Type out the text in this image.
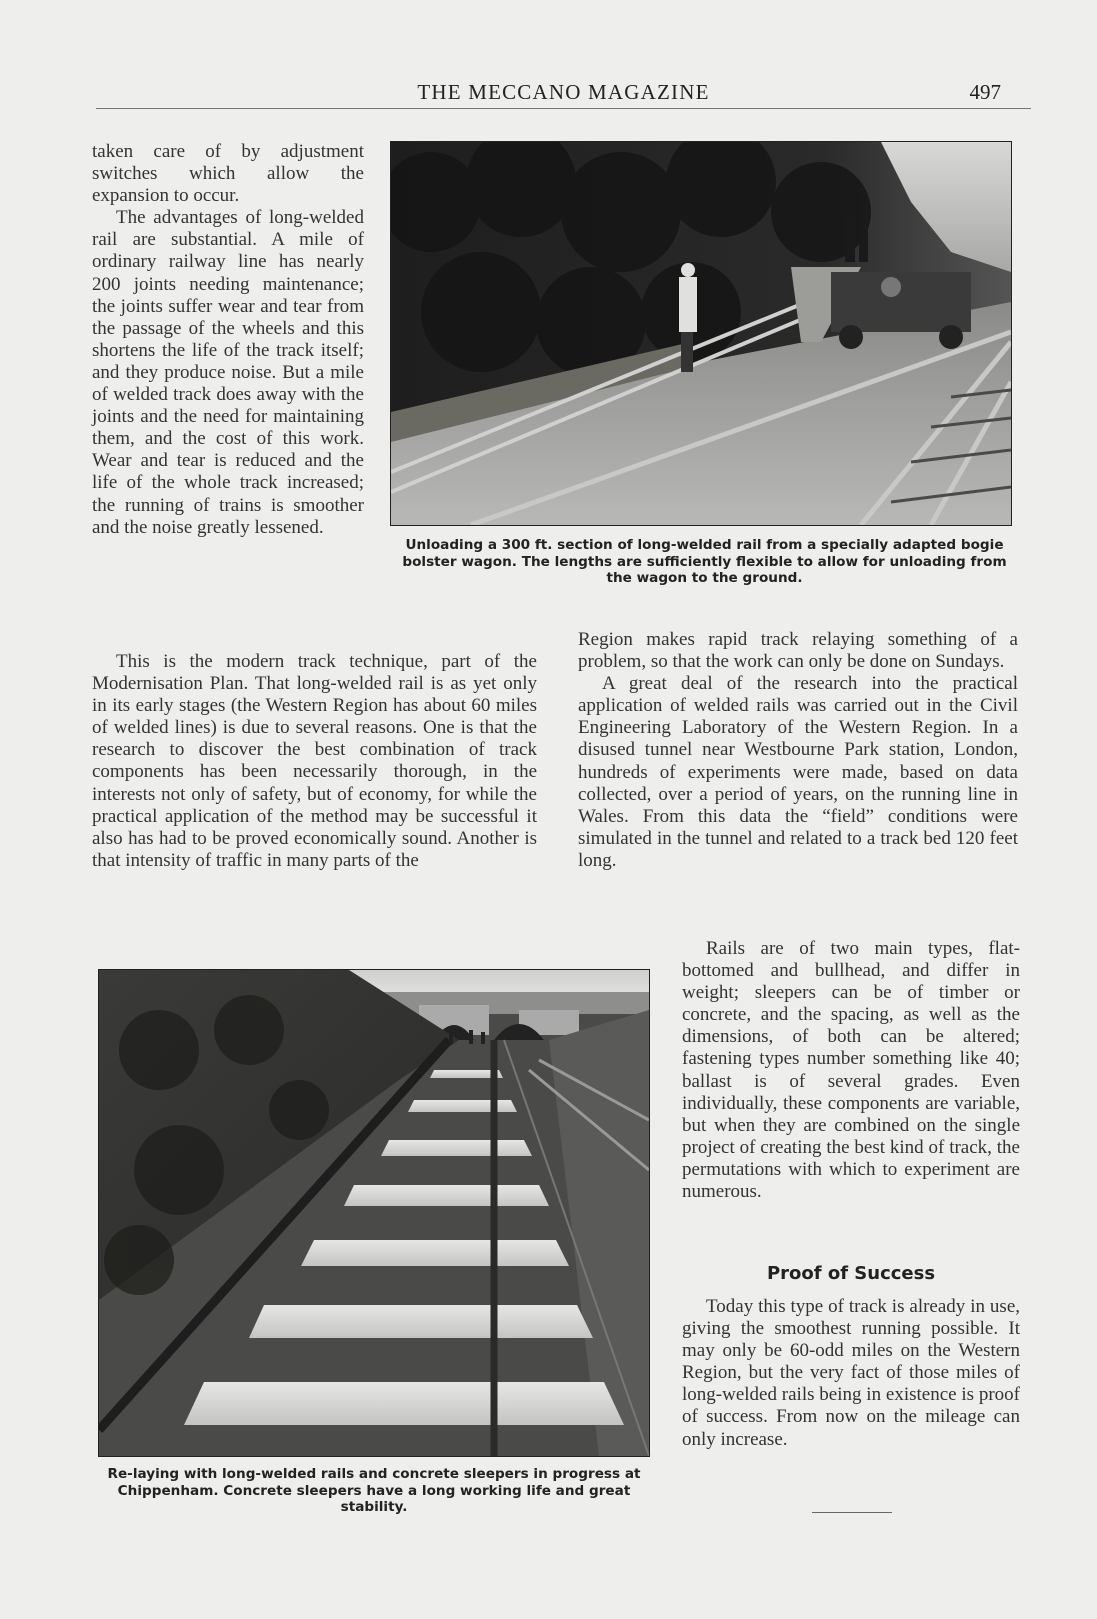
THE MECCANO MAGAZINE	497

taken care of by adjustment switches which allow the expansion to occur.

The advantages of long-welded rail are substantial. A mile of ordinary railway line has nearly 200 joints needing maintenance; the joints suffer wear and tear from the passage of the wheels and this shortens the life of the track itself; and they produce noise. But a mile of welded track does away with the joints and the need for maintaining them, and the cost of this work. Wear and tear is reduced and the life of the whole track increased; the running of trains is smoother and the noise greatly lessened.

Unloading a 300 ft. section of long-welded rail from a specially adapted bogie bolster wagon. The lengths are sufficiently flexible to allow for unloading from the wagon to the ground.

This is the modern track technique, part of the Modernisation Plan. That long-welded rail is as yet only in its early stages (the Western Region has about 60 miles of welded lines) is due to several reasons. One is that the research to discover the best combination of track components has been necessarily thorough, in the interests not only of safety, but of economy, for while the practical application of the method may be successful it also has had to be proved economically sound. Another is that intensity of traffic in many parts of the

Region makes rapid track relaying something of a problem, so that the work can only be done on Sundays.

A great deal of the research into the practical application of welded rails was carried out in the Civil Engineering Laboratory of the Western Region. In a disused tunnel near Westbourne Park station, London, hundreds of experiments were made, based on data collected, over a period of years, on the running line in Wales. From this data the “field” conditions were simulated in the tunnel and related to a track bed 120 feet long.

Re-laying with long-welded rails and concrete sleepers in progress at Chippenham. Concrete sleepers have a long working life and great stability.

Rails are of two main types, flat-bottomed and bullhead, and differ in weight; sleepers can be of timber or concrete, and the spacing, as well as the dimensions, of both can be altered; fastening types number something like 40; ballast is of several grades. Even individually, these components are variable, but when they are combined on the single project of creating the best kind of track, the permutations with which to experiment are numerous.

Proof of Success

Today this type of track is already in use, giving the smoothest running possible. It may only be 60-odd miles on the Western Region, but the very fact of those miles of long-welded rails being in existence is proof of success. From now on the mileage can only increase.
